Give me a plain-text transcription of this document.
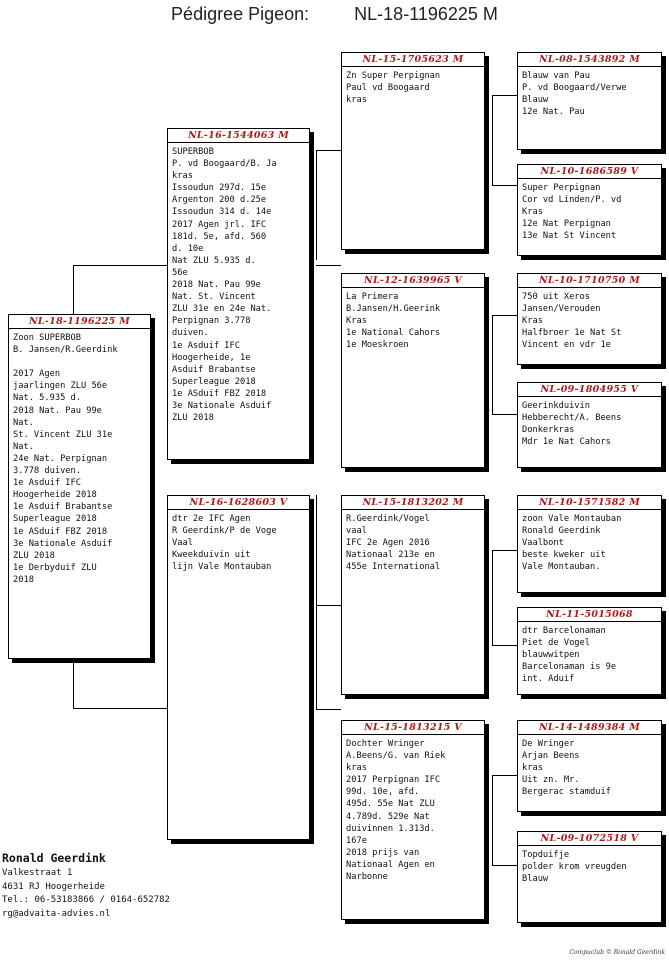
Pédigree Pigeon:	NL-18-1196225 M
NL-18-1196225 M
Zoon SUPERBOB
B. Jansen/R.Geerdink

2017 Agen
jaarlingen ZLU 56e
Nat. 5.935 d.
2018 Nat. Pau 99e
Nat.
St. Vincent ZLU 31e
Nat.
24e Nat. Perpignan
3.778 duiven.
1e Asduif IFC
Hoogerheide 2018
1e Asduif Brabantse
Superleague 2018
1e ASduif FBZ 2018
3e Nationale Asduif
ZLU 2018
1e Derbyduif ZLU
2018
NL-16-1544063 M
SUPERBOB
P. vd Boogaard/B. Ja
kras
Issoudun 297d. 15e
Argenton 200 d.25e
Issoudun 314 d. 14e
2017 Agen jrl. IFC
181d. 5e, afd. 560
d. 10e
Nat ZLU 5.935 d.
56e
2018 Nat. Pau 99e
Nat. St. Vincent
ZLU 31e en 24e Nat.
Perpignan 3.778
duiven.
1e Asduif IFC
Hoogerheide, 1e
Asduif Brabantse
Superleague 2018
1e ASduif FBZ 2018
3e Nationale Asduif
ZLU 2018
NL-16-1628603 V
dtr 2e IFC Agen
R Geerdink/P de Voge
Vaal
Kweekduivin uit
lijn Vale Montauban
NL-15-1705623 M
Zn Super Perpignan
Paul vd Boogaard
kras
NL-12-1639965 V
La Primera
B.Jansen/H.Geerink
Kras
1e National Cahors
1e Moeskroen
NL-15-1813202 M
R.Geerdink/Vogel
vaal
IFC 2e Agen 2016
Nationaal 213e en
455e International
NL-15-1813215 V
Dochter Wringer
A.Beens/G. van Riek
kras
2017 Perpignan IFC
99d. 10e, afd.
495d. 55e Nat ZLU
4.789d. 529e Nat
duivinnen 1.313d.
167e
2018 prijs van
Nationaal Agen en
Narbonne
NL-08-1543892 M
Blauw van Pau
P. vd Boogaard/Verwe
Blauw
12e Nat. Pau
NL-10-1686589 V
Super Perpignan
Cor vd Linden/P. vd
Kras
12e Nat Perpignan
13e Nat St Vincent
NL-10-1710750 M
750 uit Xeros
Jansen/Verouden
Kras
Halfbroer 1e Nat St
Vincent en vdr 1e
NL-09-1804955 V
Geerinkduivin
Hebberecht/A. Beens
Donkerkras
Mdr 1e Nat Cahors
NL-10-1571582 M
zoon Vale Montauban
Ronald Geerdink
Vaalbont
beste kweker uit
Vale Montauban.
NL-11-5015068
dtr Barcelonaman
Piet de Vogel
blauwwitpen
Barcelonaman is 9e
int. Aduif
NL-14-1489384 M
De Wringer
Arjan Beens
kras
Uit zn. Mr.
Bergerac stamduif
NL-09-1072518 V
Topduifje
polder krom vreugden
Blauw
Ronald Geerdink
Valkestraat 1
4631 RJ Hoogerheide
Tel.: 06-53183866 / 0164-652782
rg@advaita-advies.nl
Compuclub © Ronald Geerdink
